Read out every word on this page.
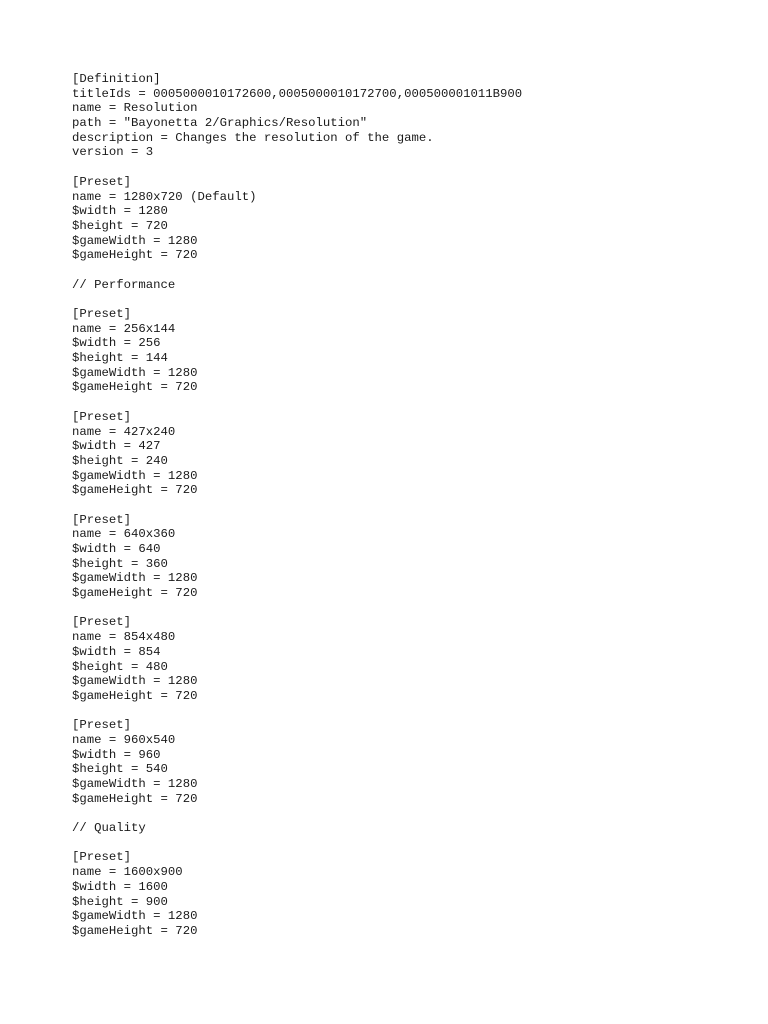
[Definition]
titleIds = 0005000010172600,0005000010172700,000500001011B900
name = Resolution
path = "Bayonetta 2/Graphics/Resolution"
description = Changes the resolution of the game.
version = 3
[Preset]
name = 1280x720 (Default)
$width = 1280
$height = 720
$gameWidth = 1280
$gameHeight = 720
// Performance
[Preset]
name = 256x144
$width = 256
$height = 144
$gameWidth = 1280
$gameHeight = 720
[Preset]
name = 427x240
$width = 427
$height = 240
$gameWidth = 1280
$gameHeight = 720
[Preset]
name = 640x360
$width = 640
$height = 360
$gameWidth = 1280
$gameHeight = 720
[Preset]
name = 854x480
$width = 854
$height = 480
$gameWidth = 1280
$gameHeight = 720
[Preset]
name = 960x540
$width = 960
$height = 540
$gameWidth = 1280
$gameHeight = 720
// Quality
[Preset]
name = 1600x900
$width = 1600
$height = 900
$gameWidth = 1280
$gameHeight = 720
